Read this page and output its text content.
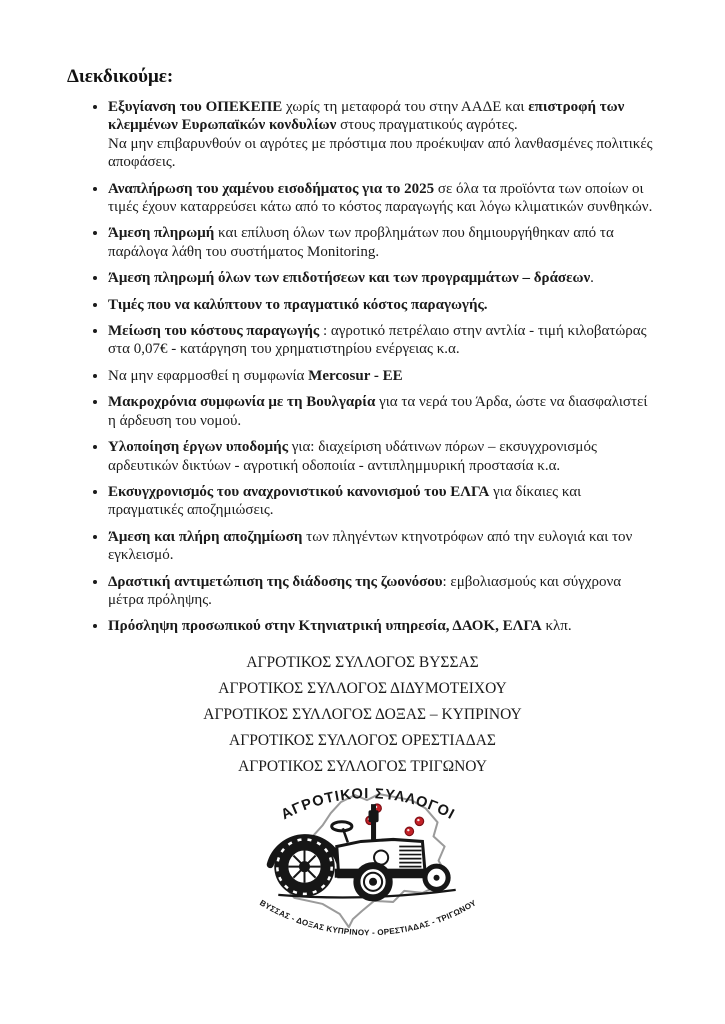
Διεκδικούμε:
• Εξυγίανση του ΟΠΕΚΕΠΕ χωρίς τη μεταφορά του στην ΑΑΔΕ και επιστροφή των κλεμμένων Ευρωπαϊκών κονδυλίων στους πραγματικούς αγρότες.
Να μην επιβαρυνθούν οι αγρότες με πρόστιμα που προέκυψαν από λανθασμένες πολιτικές αποφάσεις.
• Αναπλήρωση του χαμένου εισοδήματος για το 2025 σε όλα τα προϊόντα των οποίων οι τιμές έχουν καταρρεύσει κάτω από το κόστος παραγωγής και λόγω κλιματικών συνθηκών.
• Άμεση πληρωμή και επίλυση όλων των προβλημάτων που δημιουργήθηκαν από τα παράλογα λάθη του συστήματος Monitoring.
• Άμεση πληρωμή όλων των επιδοτήσεων και των προγραμμάτων – δράσεων.
• Τιμές που να καλύπτουν το πραγματικό κόστος παραγωγής.
• Μείωση του κόστους παραγωγής : αγροτικό πετρέλαιο στην αντλία - τιμή κιλοβατώρας στα 0,07€ - κατάργηση του χρηματιστηρίου ενέργειας κ.α.
• Να μην εφαρμοσθεί η συμφωνία Mercosur - ΕΕ
• Μακροχρόνια συμφωνία με τη Βουλγαρία για τα νερά του Άρδα, ώστε να διασφαλιστεί η άρδευση του νομού.
• Υλοποίηση έργων υποδομής για: διαχείριση υδάτινων πόρων – εκσυγχρονισμός αρδευτικών δικτύων - αγροτική οδοποιία - αντιπλημμυρική προστασία κ.α.
• Εκσυγχρονισμός του αναχρονιστικού κανονισμού του ΕΛΓΑ για δίκαιες και πραγματικές αποζημιώσεις.
• Άμεση και πλήρη αποζημίωση των πληγέντων κτηνοτρόφων από την ευλογιά και τον εγκλεισμό.
• Δραστική αντιμετώπιση της διάδοσης της ζωονόσου: εμβολιασμούς και σύγχρονα μέτρα πρόληψης.
• Πρόσληψη προσωπικού στην Κτηνιατρική υπηρεσία, ΔΑΟΚ, ΕΛΓΑ κλπ.
ΑΓΡΟΤΙΚΟΣ ΣΥΛΛΟΓΟΣ ΒΥΣΣΑΣ
ΑΓΡΟΤΙΚΟΣ ΣΥΛΛΟΓΟΣ ΔΙΔΥΜΟΤΕΙΧΟΥ
ΑΓΡΟΤΙΚΟΣ ΣΥΛΛΟΓΟΣ ΔΟΞΑΣ – ΚΥΠΡΙΝΟΥ
ΑΓΡΟΤΙΚΟΣ ΣΥΛΛΟΓΟΣ ΟΡΕΣΤΙΑΔΑΣ
ΑΓΡΟΤΙΚΟΣ ΣΥΛΛΟΓΟΣ ΤΡΙΓΩΝΟΥ
ΑΓΡΟΤΙΚΟΙ ΣΥΛΛΟΓΟΙ
ΒΥΣΣΑΣ - ΔΟΞΑΣ ΚΥΠΡΙΝΟΥ - ΟΡΕΣΤΙΑΔΑΣ - ΤΡΙΓΩΝΟΥ
